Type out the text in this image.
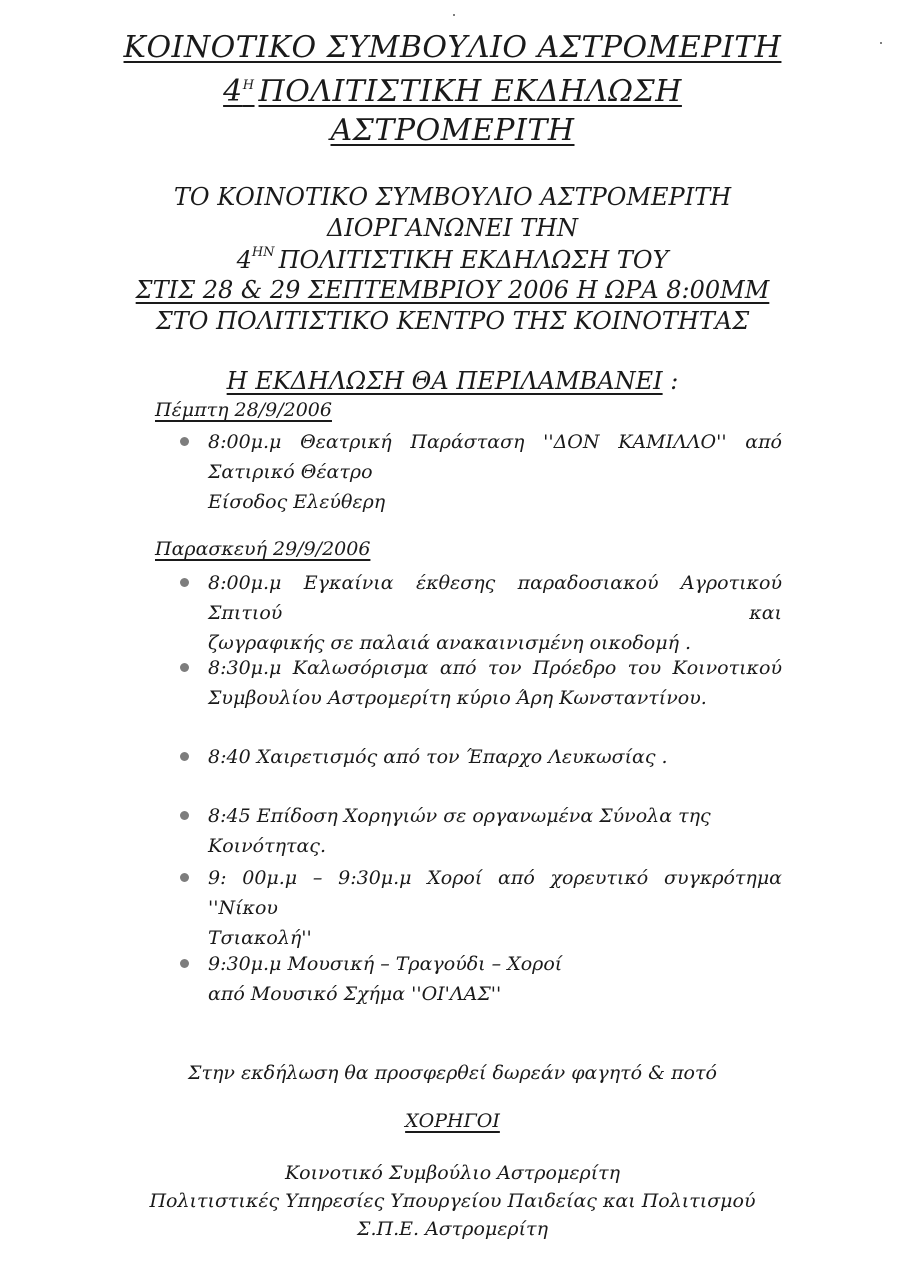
ΚΟΙΝΟΤΙΚΟ ΣΥΜΒΟΥΛΙΟ ΑΣΤΡΟΜΕΡΙΤΗ
$4^H$ ΠΟΛΙΤΙΣΤΙΚΗ ΕΚΔΗΛΩΣΗ
ΑΣΤΡΟΜΕΡΙΤΗ
ΤΟ ΚΟΙΝΟΤΙΚΟ ΣΥΜΒΟΥΛΙΟ ΑΣΤΡΟΜΕΡΙΤΗ
ΔΙΟΡΓΑΝΩΝΕΙ ΤΗΝ
$4^{HN}$ ΠΟΛΙΤΙΣΤΙΚΗ ΕΚΔΗΛΩΣΗ ΤΟΥ
ΣΤΙΣ 28 & 29 ΣΕΠΤΕΜΒΡΙΟΥ 2006 Η ΩΡΑ 8:00ΜΜ
ΣΤΟ ΠΟΛΙΤΙΣΤΙΚΟ ΚΕΝΤΡΟ ΤΗΣ ΚΟΙΝΟΤΗΤΑΣ
Η ΕΚΔΗΛΩΣΗ ΘΑ ΠΕΡΙΛΑΜΒΑΝΕΙ :
Πέμπτη 28/9/2006
8:00μ.μ Θεατρική Παράσταση ''ΔΟΝ ΚΑΜΙΛΛΟ'' από
Σατιρικό Θέατρο
Είσοδος Ελεύθερη
Παρασκευή 29/9/2006
8:00μ.μ Εγκαίνια έκθεσης παραδοσιακού Αγροτικού Σπιτιού και
ζωγραφικής σε παλαιά ανακαινισμένη οικοδομή .
8:30μ.μ Καλωσόρισμα από τον Πρόεδρο του Κοινοτικού
Συμβουλίου Αστρομερίτη κύριο Άρη Κωνσταντίνου.
8:40 Χαιρετισμός από τον Έπαρχο Λευκωσίας .
8:45 Επίδοση Χορηγιών σε οργανωμένα Σύνολα της Κοινότητας.
9: 00μ.μ – 9:30μ.μ Χοροί από χορευτικό συγκρότημα ''Νίκου
Τσιακολή''
9:30μ.μ Μουσική – Τραγούδι – Χοροί
από Μουσικό Σχήμα ''ΟΙ'ΛΑΣ''
Στην εκδήλωση θα προσφερθεί δωρεάν φαγητό & ποτό
ΧΟΡΗΓΟΙ
Κοινοτικό Συμβούλιο Αστρομερίτη
Πολιτιστικές Υπηρεσίες Υπουργείου Παιδείας και Πολιτισμού
Σ.Π.Ε. Αστρομερίτη
